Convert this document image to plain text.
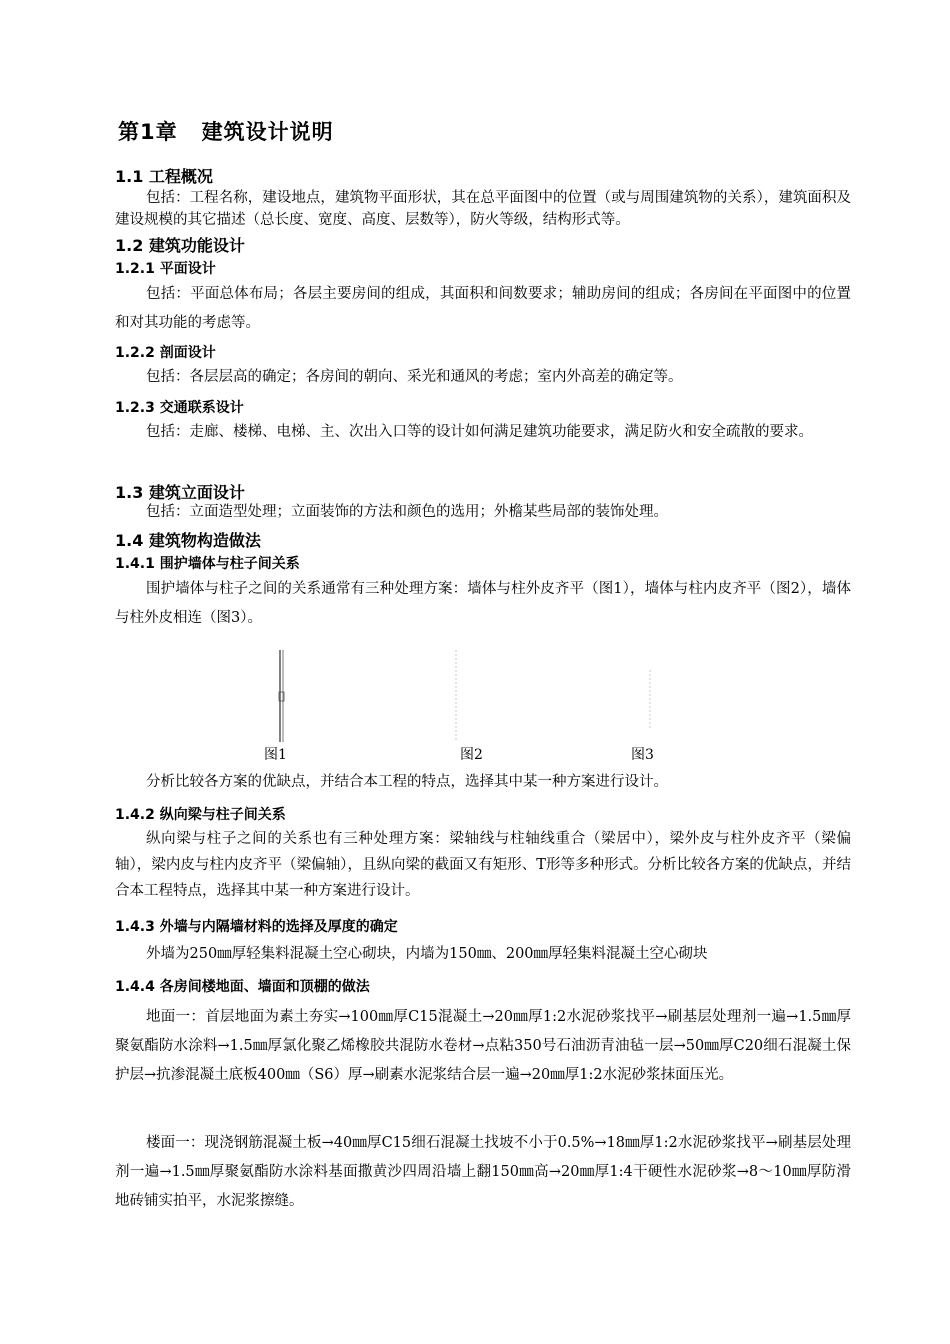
第1章 建筑设计说明
1.1 工程概况
包括：工程名称，建设地点，建筑物平面形状，其在总平面图中的位置（或与周围建筑物的关系），建筑面积及建设规模的其它描述（总长度、宽度、高度、层数等），防火等级，结构形式等。
1.2 建筑功能设计
1.2.1 平面设计
包括：平面总体布局；各层主要房间的组成，其面积和间数要求；辅助房间的组成；各房间在平面图中的位置和对其功能的考虑等。
1.2.2 剖面设计
包括：各层层高的确定；各房间的朝向、采光和通风的考虑；室内外高差的确定等。
1.2.3 交通联系设计
包括：走廊、楼梯、电梯、主、次出入口等的设计如何满足建筑功能要求，满足防火和安全疏散的要求。
1.3 建筑立面设计
包括：立面造型处理；立面装饰的方法和颜色的选用；外檐某些局部的装饰处理。
1.4 建筑物构造做法
1.4.1 围护墙体与柱子间关系
围护墙体与柱子之间的关系通常有三种处理方案：墙体与柱外皮齐平（图1），墙体与柱内皮齐平（图2），墙体与柱外皮相连（图3）。
图1	图2	图3
分析比较各方案的优缺点，并结合本工程的特点，选择其中某一种方案进行设计。
1.4.2 纵向梁与柱子间关系
纵向梁与柱子之间的关系也有三种处理方案：梁轴线与柱轴线重合（梁居中），梁外皮与柱外皮齐平（梁偏轴），梁内皮与柱内皮齐平（梁偏轴），且纵向梁的截面又有矩形、T形等多种形式。分析比较各方案的优缺点，并结合本工程特点，选择其中某一种方案进行设计。
1.4.3 外墙与内隔墙材料的选择及厚度的确定
外墙为250㎜厚轻集料混凝土空心砌块，内墙为150㎜、200㎜厚轻集料混凝土空心砌块
1.4.4 各房间楼地面、墙面和顶棚的做法
地面一：首层地面为素土夯实→100㎜厚C15混凝土→20㎜厚1:2水泥砂浆找平→刷基层处理剂一遍→1.5㎜厚聚氨酯防水涂料→1.5㎜厚氯化聚乙烯橡胶共混防水卷材→点粘350号石油沥青油毡一层→50㎜厚C20细石混凝土保护层→抗渗混凝土底板400㎜（S6）厚→刷素水泥浆结合层一遍→20㎜厚1:2水泥砂浆抹面压光。
楼面一：现浇钢筋混凝土板→40㎜厚C15细石混凝土找坡不小于0.5%→18㎜厚1:2水泥砂浆找平→刷基层处理剂一遍→1.5㎜厚聚氨酯防水涂料基面撒黄沙四周沿墙上翻150㎜高→20㎜厚1:4干硬性水泥砂浆→8～10㎜厚防滑地砖铺实拍平，水泥浆擦缝。
